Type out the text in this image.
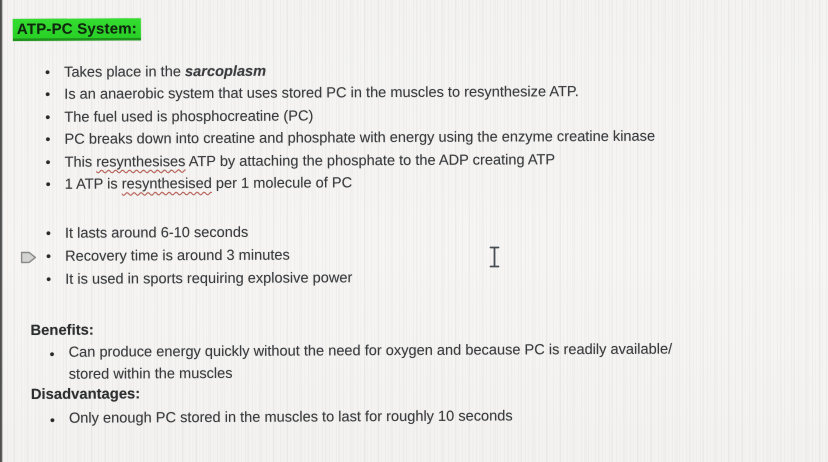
ATP-PC System:
• Takes place in the sarcoplasm
• Is an anaerobic system that uses stored PC in the muscles to resynthesize ATP.
• The fuel used is phosphocreatine (PC)
• PC breaks down into creatine and phosphate with energy using the enzyme creatine kinase
• This resynthesises ATP by attaching the phosphate to the ADP creating ATP
• 1 ATP is resynthesised per 1 molecule of PC
• It lasts around 6-10 seconds
• Recovery time is around 3 minutes
• It is used in sports requiring explosive power
Benefits:
• Can produce energy quickly without the need for oxygen and because PC is readily available/
stored within the muscles
Disadvantages:
• Only enough PC stored in the muscles to last for roughly 10 seconds
